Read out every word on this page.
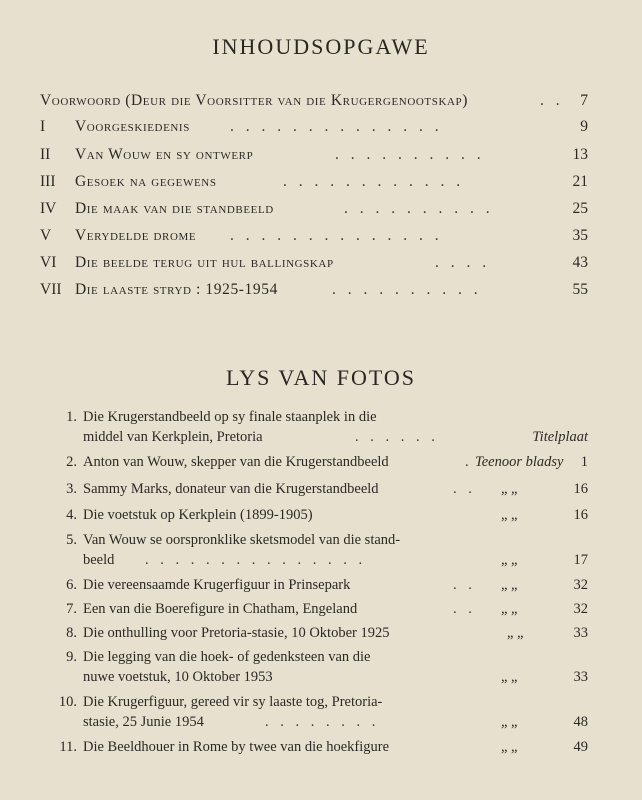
INHOUDSOPGAWE
Voorwoord (Deur die Voorsitter van die Krugergenootskap)	. . 7
I Voorgeskiedenis	. . . . . . . . . . . . . .	9
II Van Wouw en sy ontwerp	. . . . . . . . . .	13
III Gesoek na gegewens	. . . . . . . . . . . .	21
IV Die maak van die standbeeld	. . . . . . . . . .	25
V Verydelde drome . . . . . . . . . . . . . .	35
VI Die beelde terug uit hul ballingskap	. . . .	43
VII Die laaste stryd : 1925-1954	. . . . . . . . . .	55
LYS VAN FOTOS
1. Die Krugerstandbeeld op sy finale staanplek in die
middel van Kerkplein, Pretoria	. . . . . .	Titelplaat
2. Anton van Wouw, skepper van die Krugerstandbeeld	. Teenoor bladsy 1
3. Sammy Marks, donateur van die Krugerstandbeeld	. . „ „	16
4. Die voetstuk op Kerkplein (1899-1905)	„ „	16
5. Van Wouw se oorspronklike sketsmodel van die stand-
beeld . . . . . . . . . . . . . . .	„ „	17
6. Die vereensaamde Krugerfiguur in Prinsepark	. . „ „	32
7. Een van die Boerefigure in Chatham, Engeland	. . „ „	32
8. Die onthulling voor Pretoria-stasie, 10 Oktober 1925	„ „	33
9. Die legging van die hoek- of gedenksteen van die
nuwe voetstuk, 10 Oktober 1953	„ „	33
10. Die Krugerfiguur, gereed vir sy laaste tog, Pretoria-
stasie, 25 Junie 1954	. . . . . . . .	„ „	48
11. Die Beeldhouer in Rome by twee van die hoekfigure	„ „	49
